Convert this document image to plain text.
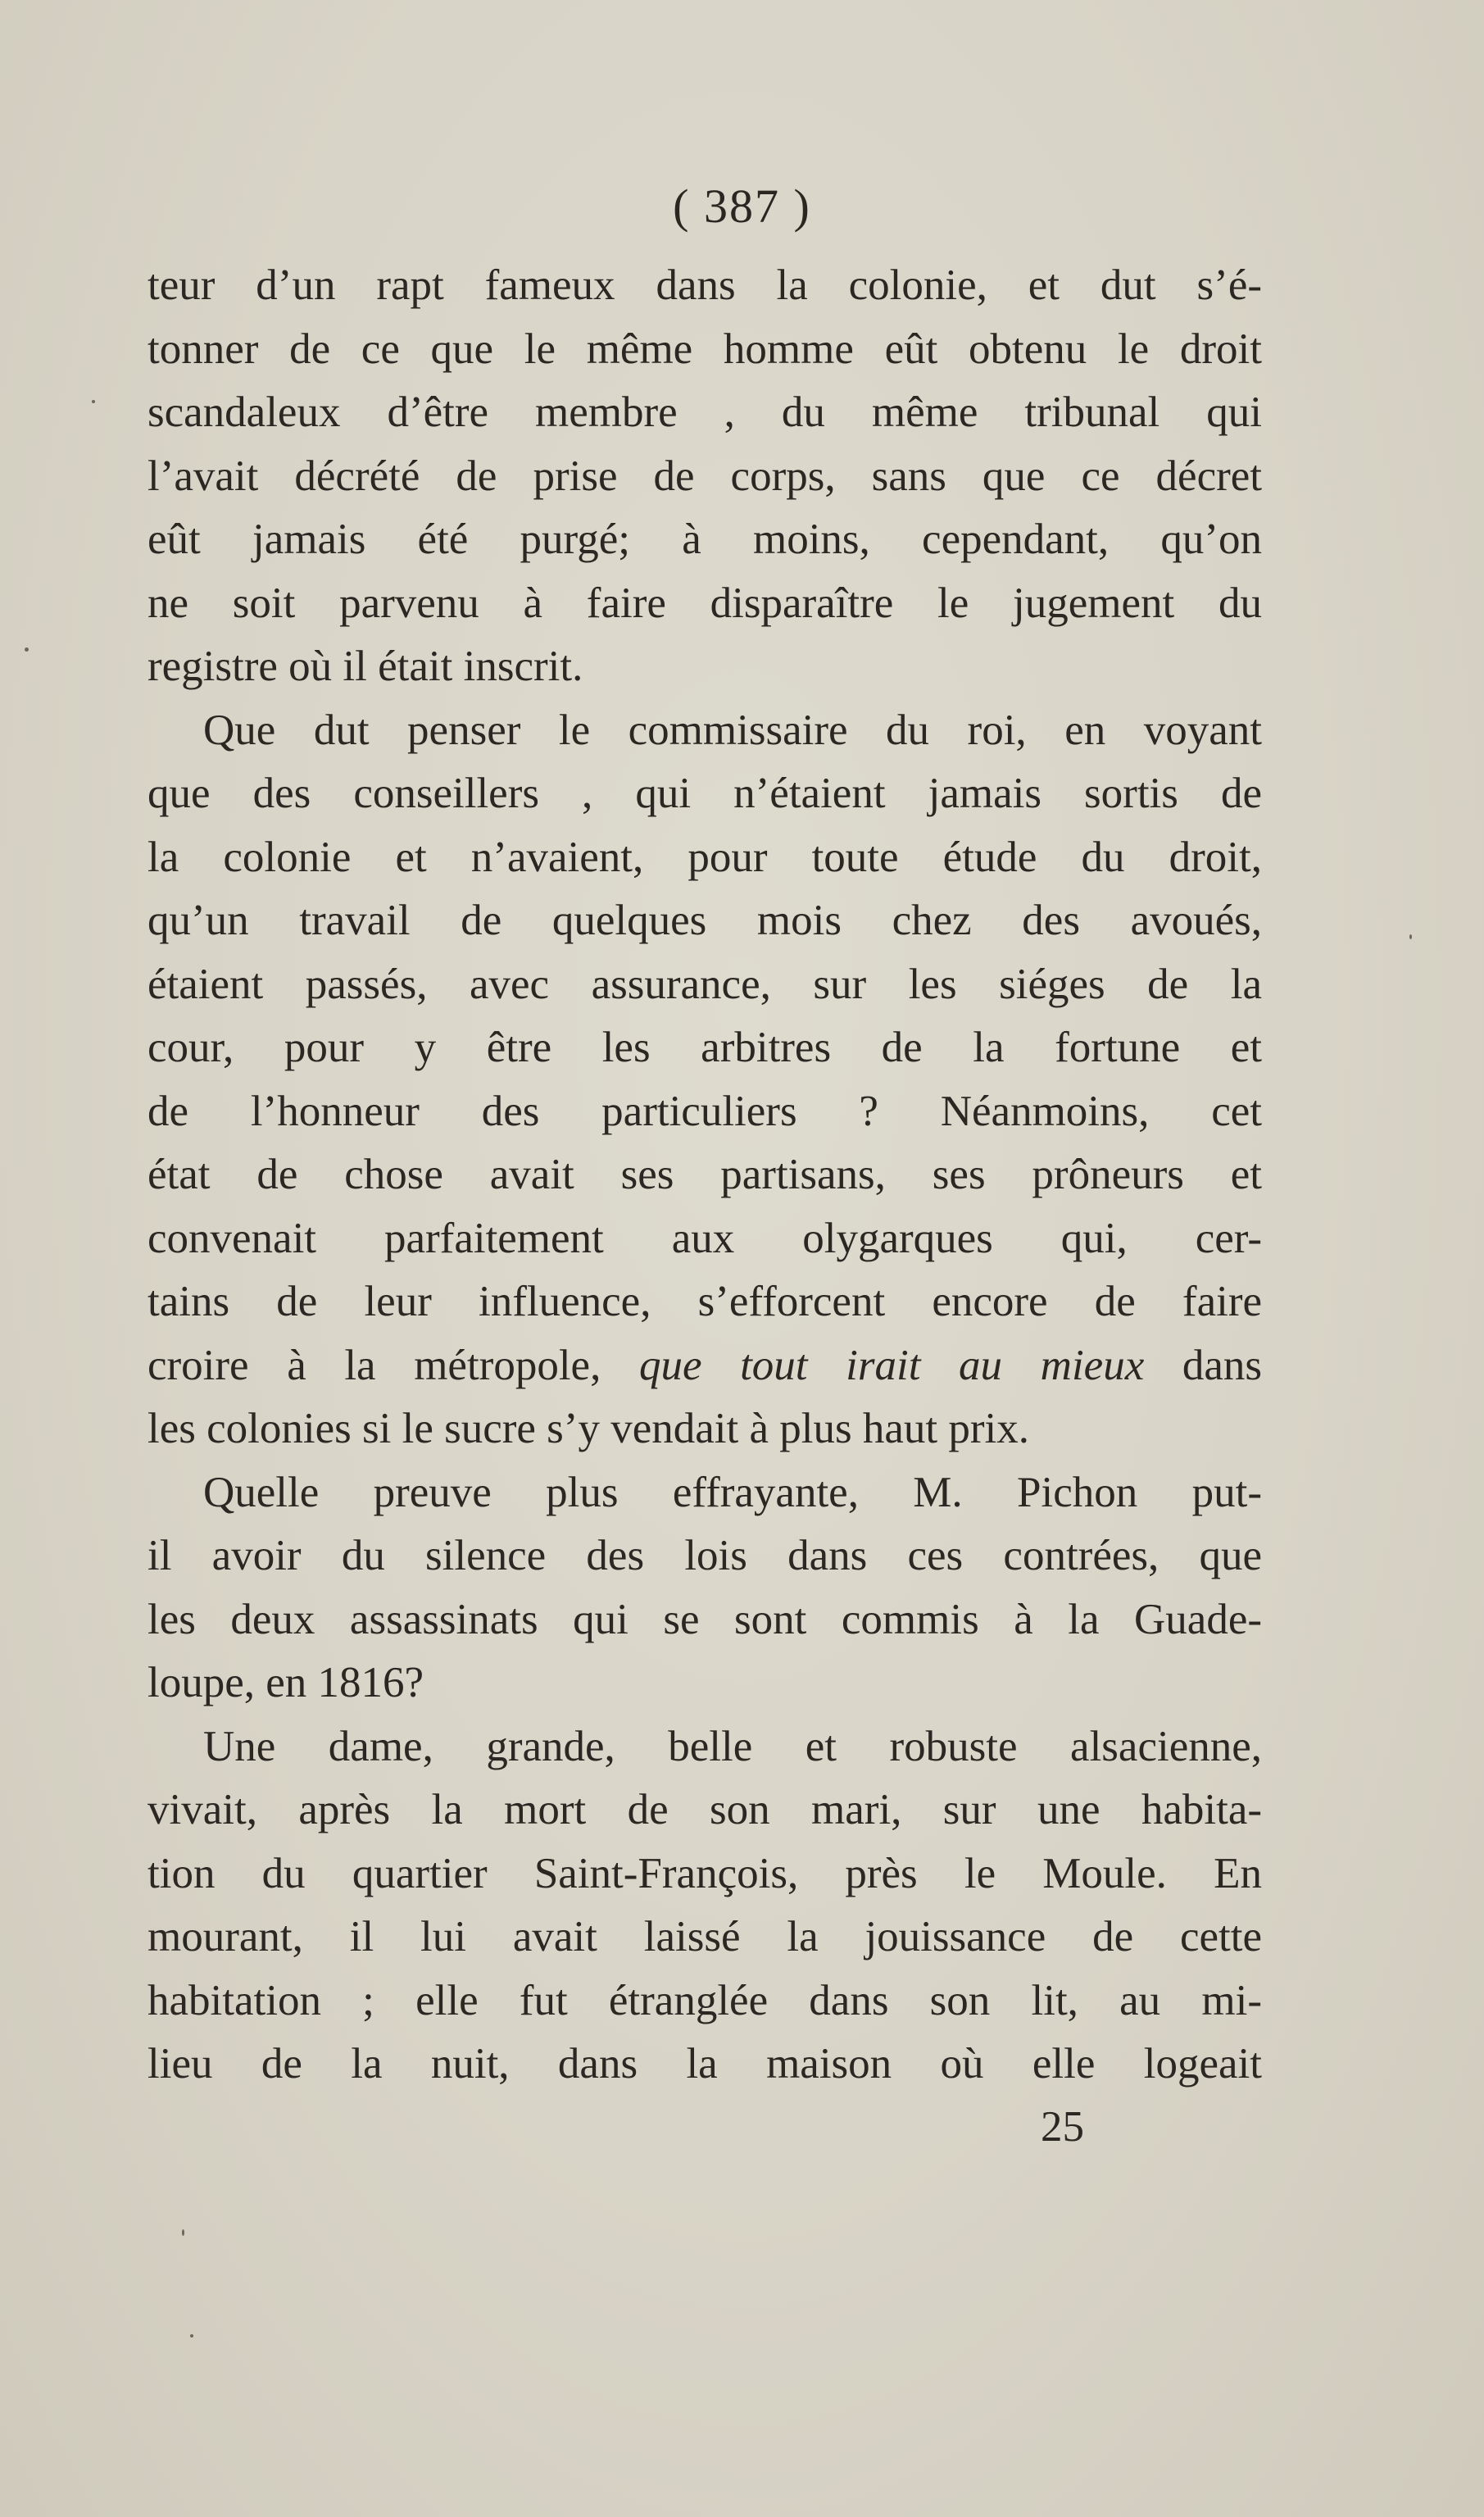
( 387 )
teur d’un rapt fameux dans la colonie, et dut s’é-
tonner de ce que le même homme eût obtenu le droit
scandaleux d’être membre , du même tribunal qui
l’avait décrété de prise de corps, sans que ce décret
eût jamais été purgé; à moins, cependant, qu’on
ne soit parvenu à faire disparaître le jugement du
registre où il était inscrit.
Que dut penser le commissaire du roi, en voyant
que des conseillers , qui n’étaient jamais sortis de
la colonie et n’avaient, pour toute étude du droit,
qu’un travail de quelques mois chez des avoués,
étaient passés, avec assurance, sur les siéges de la
cour, pour y être les arbitres de la fortune et
de l’honneur des particuliers ? Néanmoins, cet
état de chose avait ses partisans, ses prôneurs et
convenait parfaitement aux olygarques qui, cer-
tains de leur influence, s’efforcent encore de faire
croire à la métropole, que tout irait au mieux dans
les colonies si le sucre s’y vendait à plus haut prix.
Quelle preuve plus effrayante, M. Pichon put-
il avoir du silence des lois dans ces contrées, que
les deux assassinats qui se sont commis à la Guade-
loupe, en 1816?
Une dame, grande, belle et robuste alsacienne,
vivait, après la mort de son mari, sur une habita-
tion du quartier Saint-François, près le Moule. En
mourant, il lui avait laissé la jouissance de cette
habitation ; elle fut étranglée dans son lit, au mi-
lieu de la nuit, dans la maison où elle logeait
25
